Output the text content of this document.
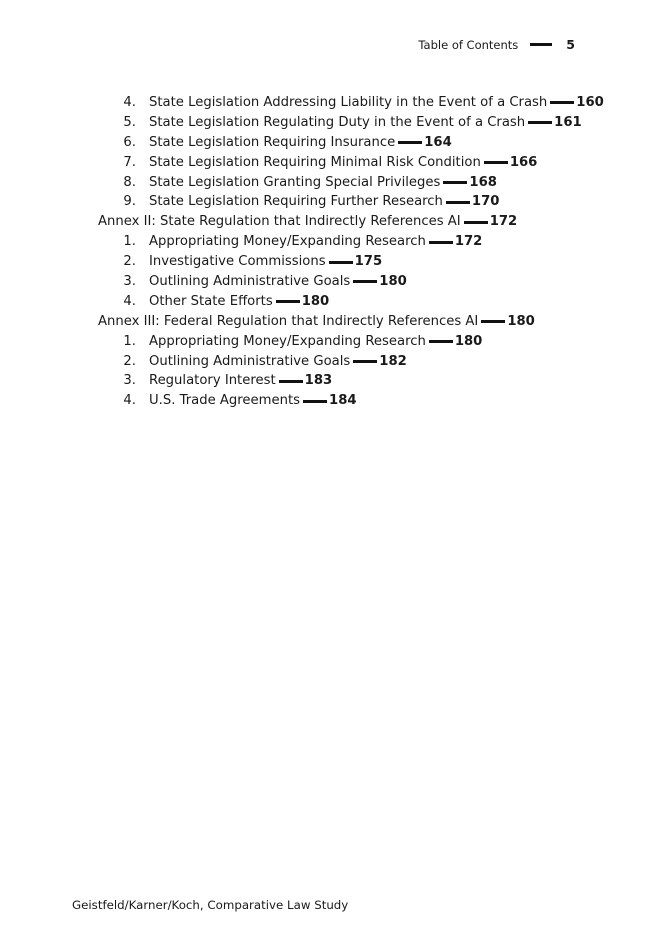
Table of Contents	5
4. State Legislation Addressing Liability in the Event of a Crash 160
5. State Legislation Regulating Duty in the Event of a Crash 161
6. State Legislation Requiring Insurance 164
7. State Legislation Requiring Minimal Risk Condition 166
8. State Legislation Granting Special Privileges 168
9. State Legislation Requiring Further Research 170
Annex II: State Regulation that Indirectly References AI 172
1. Appropriating Money/Expanding Research 172
2. Investigative Commissions 175
3. Outlining Administrative Goals 180
4. Other State Efforts 180
Annex III: Federal Regulation that Indirectly References AI 180
1. Appropriating Money/Expanding Research 180
2. Outlining Administrative Goals 182
3. Regulatory Interest 183
4. U.S. Trade Agreements 184
Geistfeld/Karner/Koch, Comparative Law Study
